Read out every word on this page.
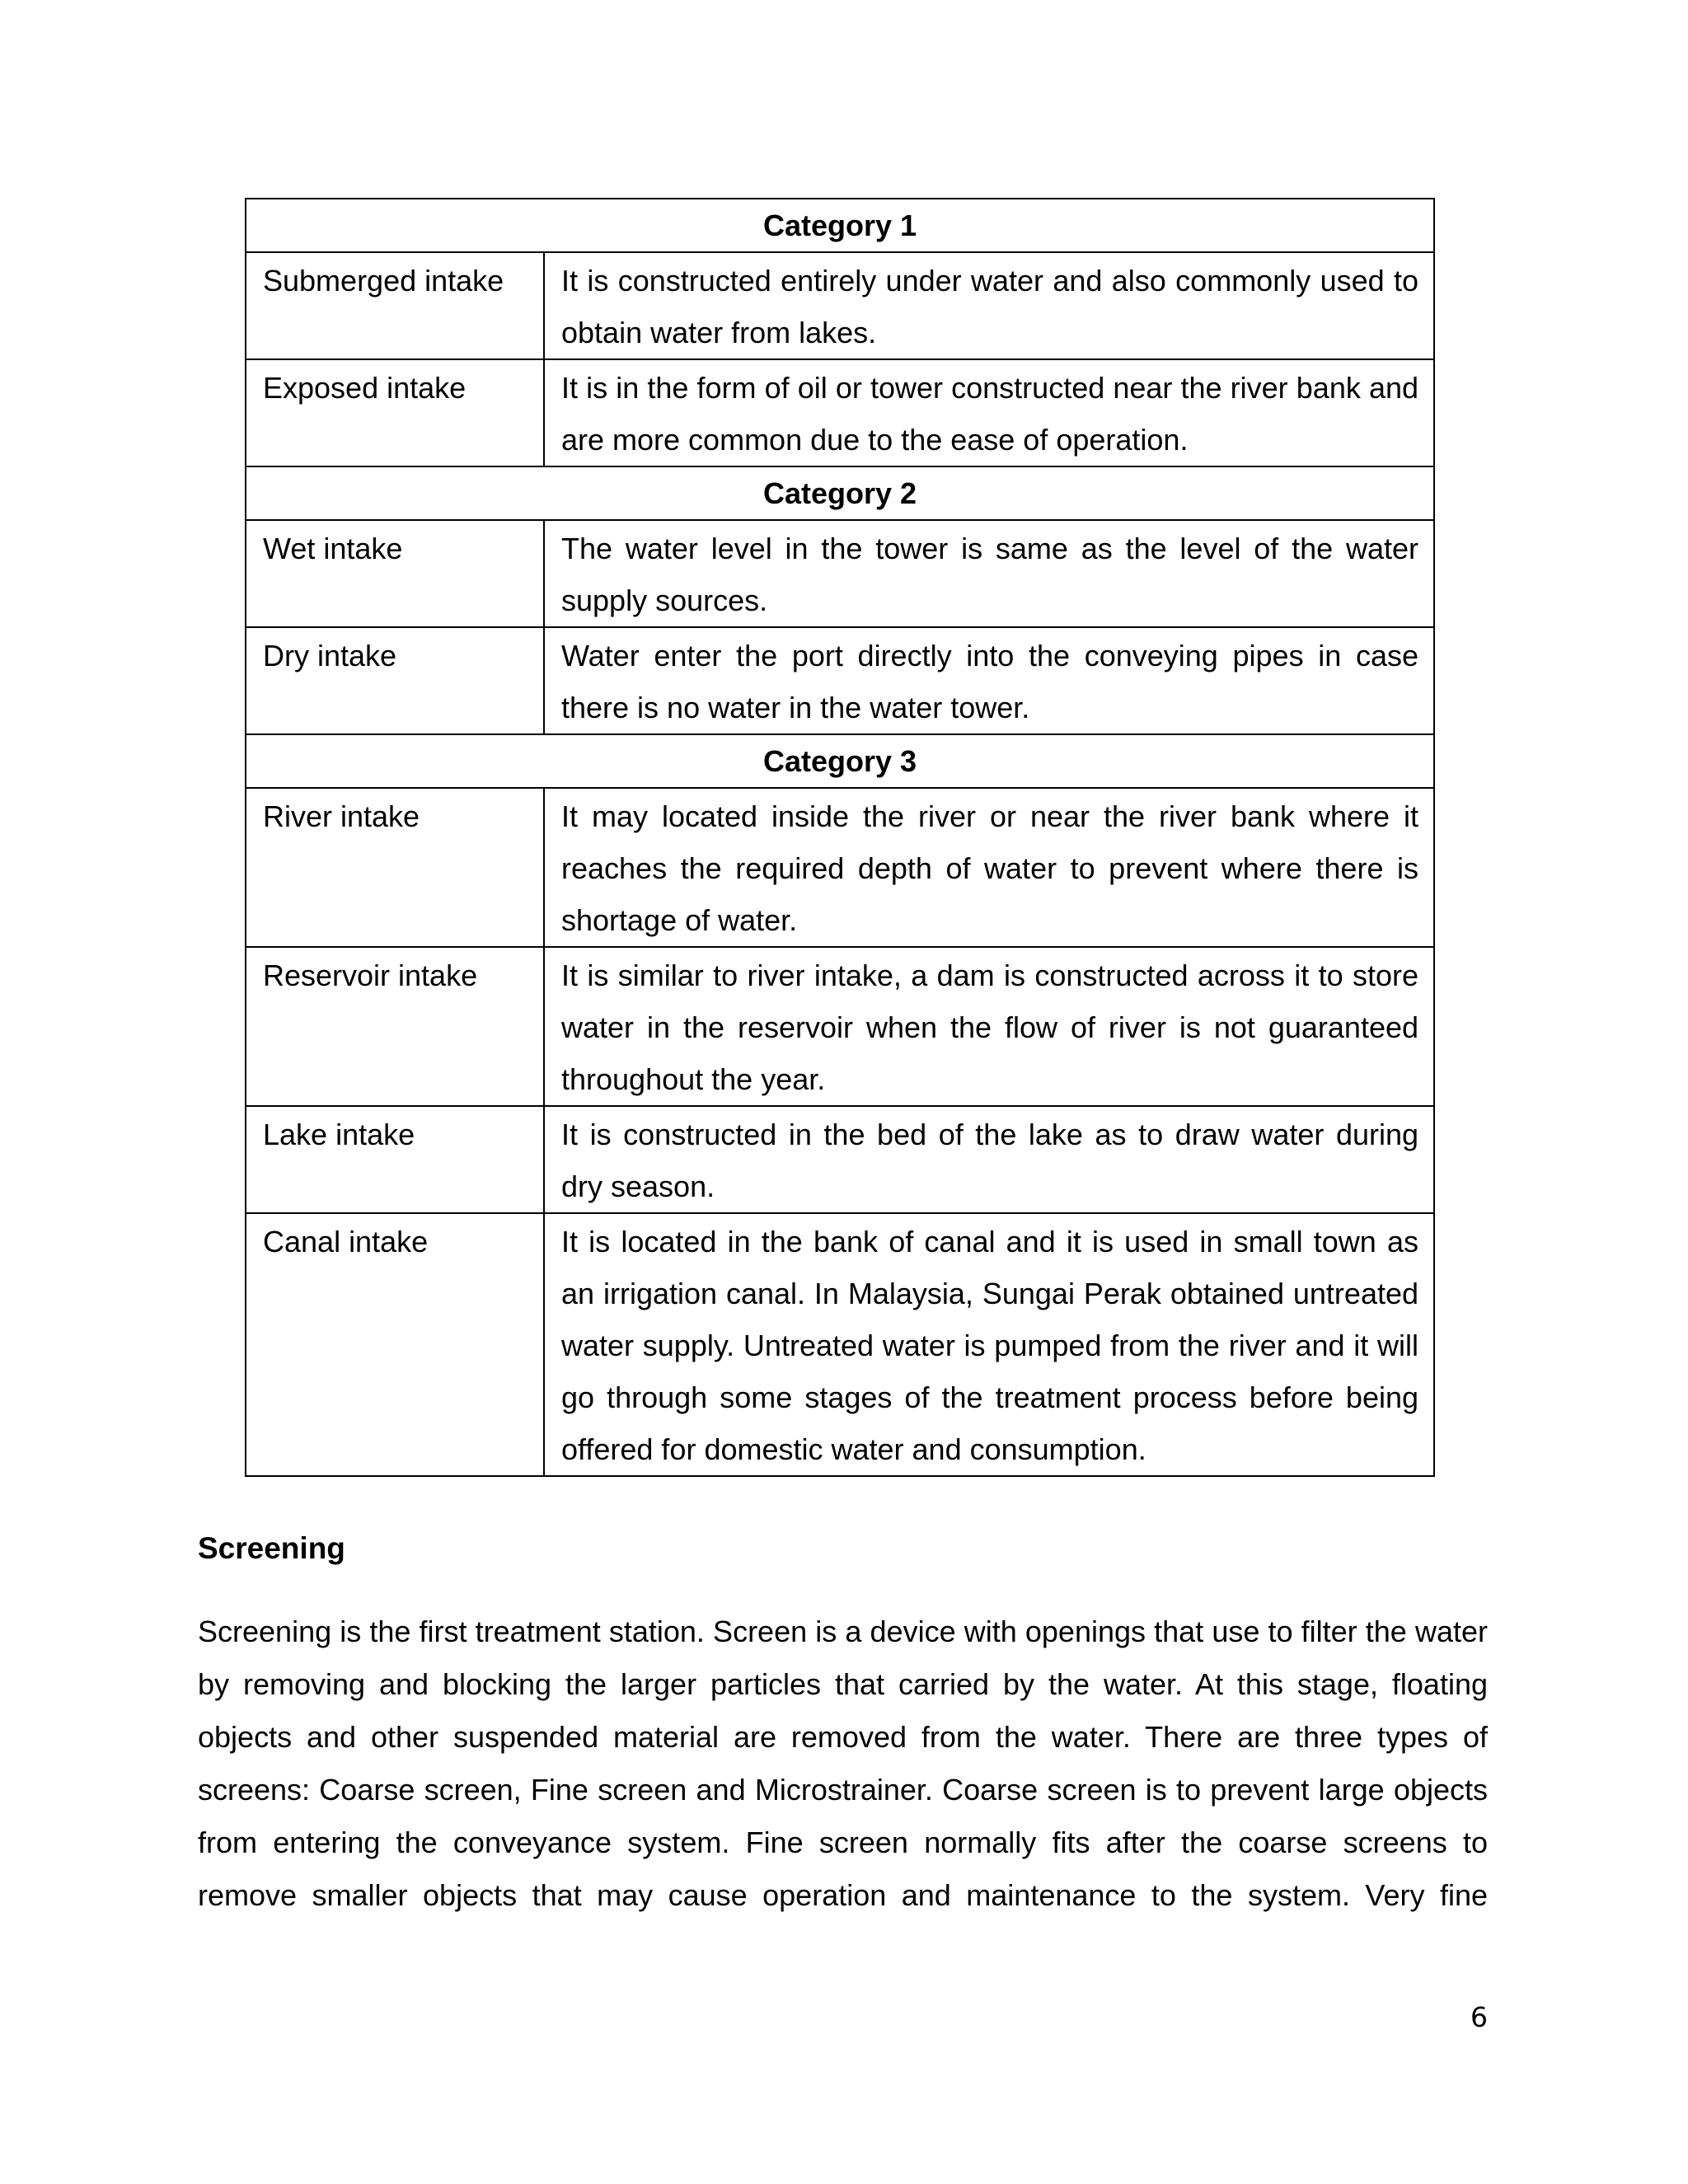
Category 1	
Submerged intake	It is constructed entirely under water and also commonly used to obtain water from lakes.
Exposed intake	It is in the form of oil or tower constructed near the river bank and are more common due to the ease of operation.
Category 2	
Wet intake	The water level in the tower is same as the level of the water supply sources.
Dry intake	Water enter the port directly into the conveying pipes in case there is no water in the water tower.
Category 3	
River intake	It may located inside the river or near the river bank where it reaches the required depth of water to prevent where there is shortage of water.
Reservoir intake	It is similar to river intake, a dam is constructed across it to store water in the reservoir when the flow of river is not guaranteed throughout the year.
Lake intake	It is constructed in the bed of the lake as to draw water during dry season.
Canal intake	It is located in the bank of canal and it is used in small town as an irrigation canal. In Malaysia, Sungai Perak obtained untreated water supply. Untreated water is pumped from the river and it will go through some stages of the treatment process before being offered for domestic water and consumption.
Screening

Screening is the first treatment station. Screen is a device with openings that use to filter the water by removing and blocking the larger particles that carried by the water. At this stage, floating objects and other suspended material are removed from the water. There are three types of screens: Coarse screen, Fine screen and Microstrainer. Coarse screen is to prevent large objects from entering the conveyance system. Fine screen normally fits after the coarse screens to remove smaller objects that may cause operation and maintenance to the system. Very fine

6
